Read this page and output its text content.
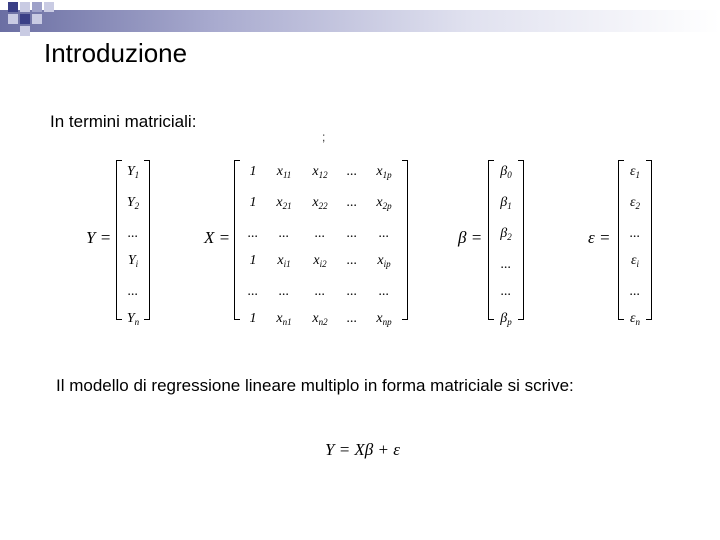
Introduzione
In termini matriciali:
;
Y =
$Y_1$
$Y_2$
...
$Y_i$
...
$Y_n$
X =
1	$x_{11}$	$x_{12}$	...	$x_{1p}$
1	$x_{21}$	$x_{22}$	...	$x_{2p}$
...	...	...	...	...
1	$x_{i1}$	$x_{i2}$	...	$x_{ip}$
...	...	...	...	...
1	$x_{n1}$	$x_{n2}$	...	$x_{np}$
β =
$\beta_0$
$\beta_1$
$\beta_2$
...
...
$\beta_p$
ε =
$\varepsilon_1$
$\varepsilon_2$
...
$\varepsilon_i$
...
$\varepsilon_n$
Il modello di regressione lineare multiplo in forma matriciale si scrive:
Y = Xβ + ε
